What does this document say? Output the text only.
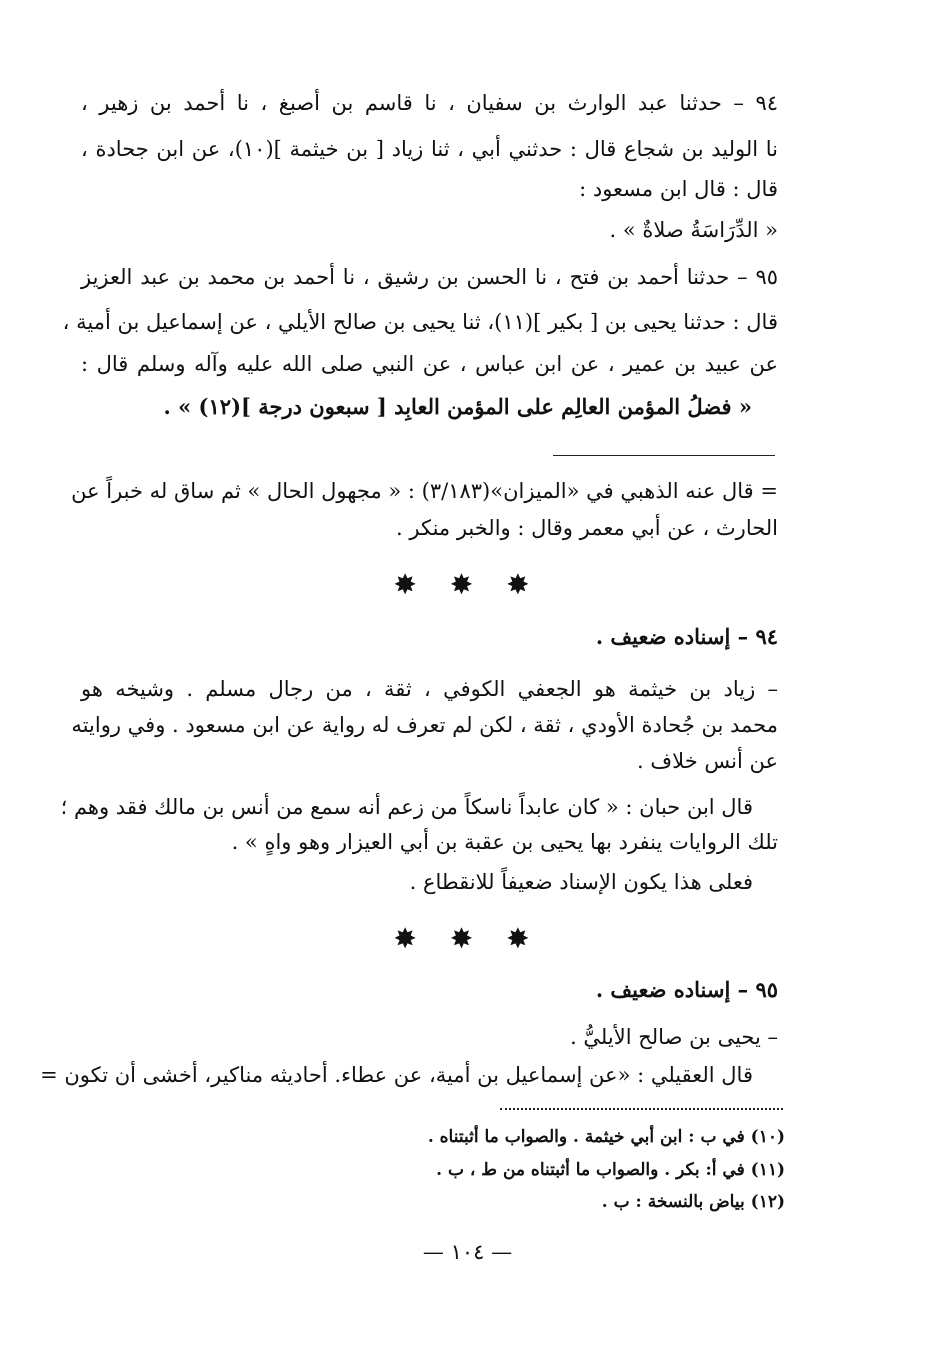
٩٤ – حدثنا عبد الوارث بن سفيان ، نا قاسم بن أصبغ ، نا أحمد بن زهير ،
نا الوليد بن شجاع قال : حدثني أبي ، ثنا زياد [ بن خيثمة ](١٠)، عن ابن جحادة ،
قال : قال ابن مسعود :
« الدِّرَاسَةُ صلاةٌ » .
٩٥ – حدثنا أحمد بن فتح ، نا الحسن بن رشيق ، نا أحمد بن محمد بن عبد العزيز
قال : حدثنا يحيى بن [ بكير ](١١)، ثنا يحيى بن صالح الأيلي ، عن إسماعيل بن أمية ،
عن عبيد بن عمير ، عن ابن عباس ، عن النبي صلى الله عليه وآله وسلم قال :
« فضلُ المؤمن العالِم على المؤمن العابِد [ سبعون درجة ](١٢) » .
= قال عنه الذهبي في «الميزان»(٣/١٨٣) : « مجهول الحال » ثم ساق له خبراً عن
الحارث ، عن أبي معمر وقال : والخبر منكر .
✸ ✸ ✸
٩٤ – إسناده ضعيف .
– زياد بن خيثمة هو الجعفي الكوفي ، ثقة ، من رجال مسلم . وشيخه هو
محمد بن جُحادة الأودي ، ثقة ، لكن لم تعرف له رواية عن ابن مسعود . وفي روايته
عن أنس خلاف .
قال ابن حبان : « كان عابداً ناسكاً من زعم أنه سمع من أنس بن مالك فقد وهم ؛
تلك الروايات ينفرد بها يحيى بن عقبة بن أبي العيزار وهو واهٍ » .
فعلى هذا يكون الإسناد ضعيفاً للانقطاع .
✸ ✸ ✸
٩٥ – إسناده ضعيف .
– يحيى بن صالح الأيليُّ .
قال العقيلي : «عن إسماعيل بن أمية، عن عطاء. أحاديثه مناكير، أخشى أن تكون =
(١٠) في ب : ابن أبي خيثمة . والصواب ما أثبتناه .
(١١) في أ: بكر . والصواب ما أثبتناه من ط ، ب .
(١٢) بياض بالنسخة : ب .
— ١٠٤ —
